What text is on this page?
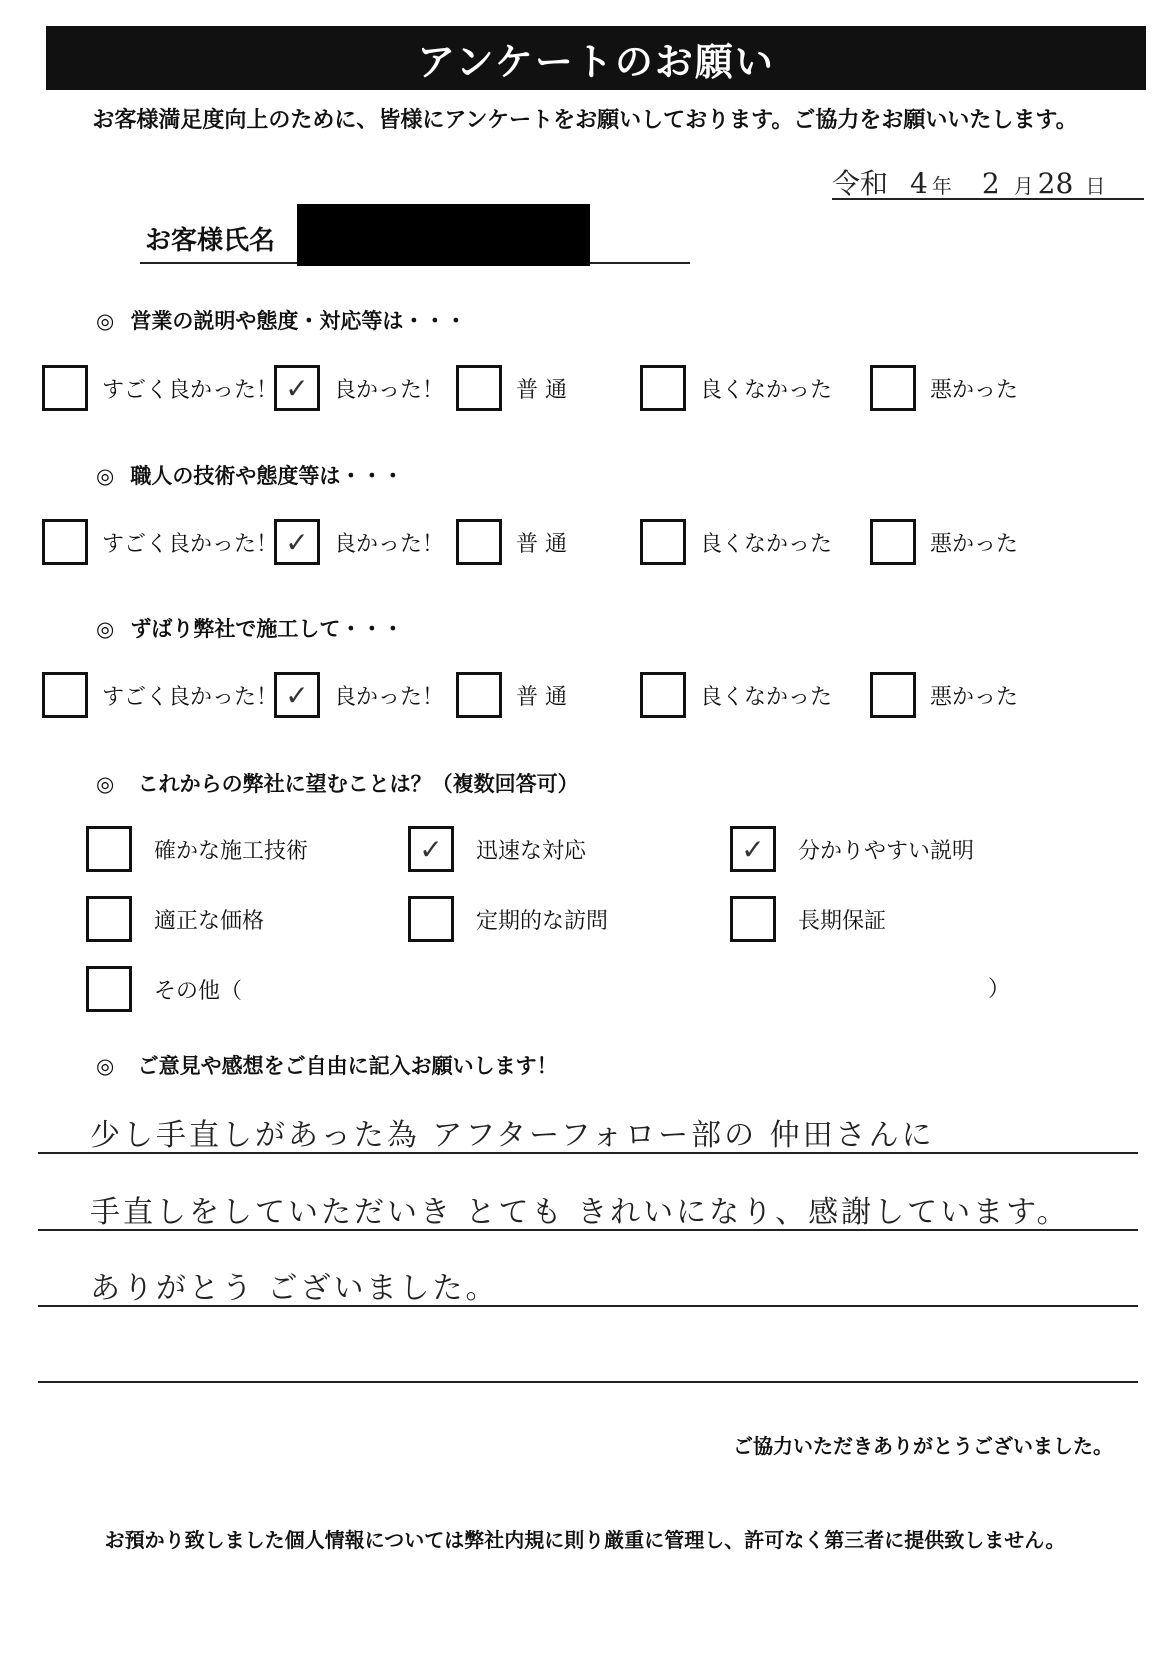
アンケートのお願い
お客様満足度向上のために、皆様にアンケートをお願いしております。ご協力をお願いいたします。
令和 4 年 2 月 28 日
お客様氏名
◎ 営業の説明や態度・対応等は・・・
すごく良かった！ ✓	良かった！	普 通	良くなかった	悪かった
◎ 職人の技術や態度等は・・・
すごく良かった！ ✓	良かった！	普 通	良くなかった	悪かった
◎ ずばり弊社で施工して・・・
すごく良かった！ ✓	良かった！	普 通	良くなかった	悪かった
◎ これからの弊社に望むことは？（複数回答可）
確かな施工技術	✓	迅速な対応	✓	分かりやすい説明
適正な価格	定期的な訪問	長期保証
その他（	）
◎ ご意見や感想をご自由に記入お願いします！
少し手直しがあった為 アフターフォロー部の 仲田さんに
手直しをしていただいき とても きれいになり、感謝しています。
ありがとう ございました。
ご協力いただきありがとうございました。
お預かり致しました個人情報については弊社内規に則り厳重に管理し、許可なく第三者に提供致しません。
